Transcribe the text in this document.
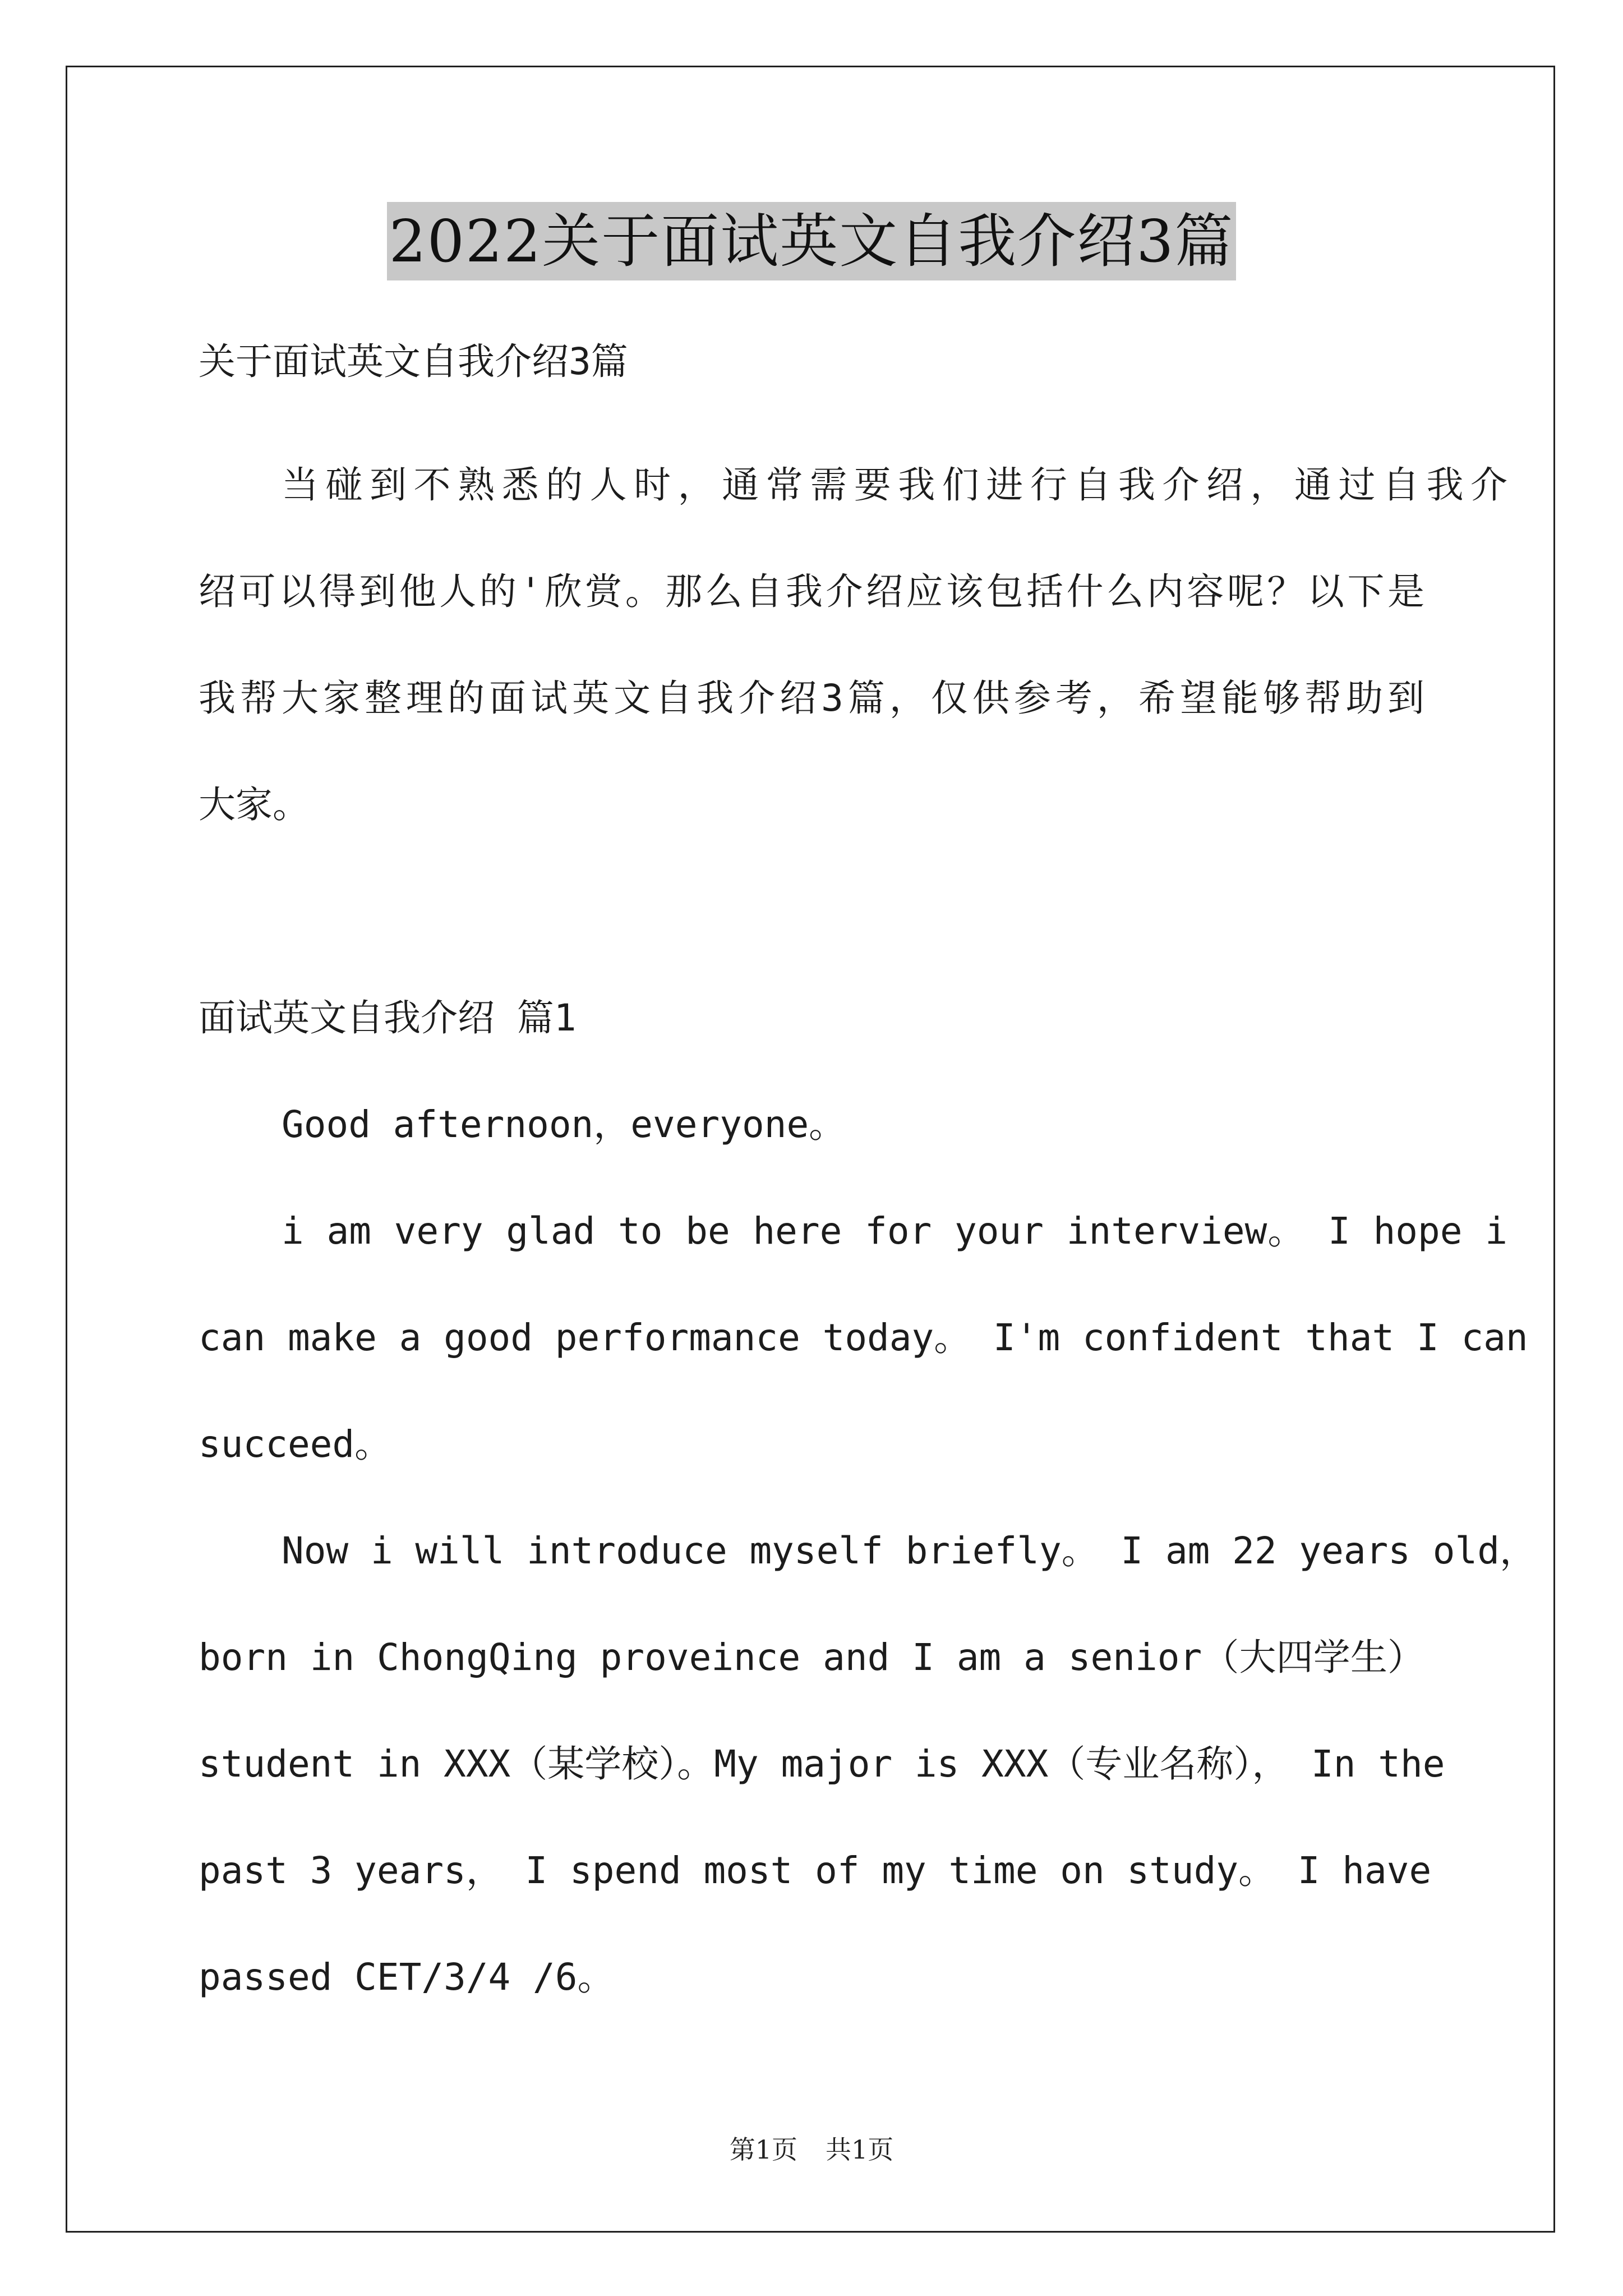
2022关于面试英文自我介绍3篇
关于面试英文自我介绍3篇
当碰到不熟悉的人时，通常需要我们进行自我介绍，通过自我介
绍可以得到他人的'欣赏。那么自我介绍应该包括什么内容呢？以下是
我帮大家整理的面试英文自我介绍3篇，仅供参考，希望能够帮助到
大家。
面试英文自我介绍 篇1
Good afternoon，everyone。
i am very glad to be here for your interview。 I hope i
can make a good performance today。 I'm confident that I can
succeed。
Now i will introduce myself briefly。 I am 22 years old，
born in ChongQing proveince and I am a senior（大四学生）
student in XXX（某学校）。My major is XXX（专业名称）， In the
past 3 years， I spend most of my time on study。 I have
passed CET/3/4 /6。
第1页 共1页
